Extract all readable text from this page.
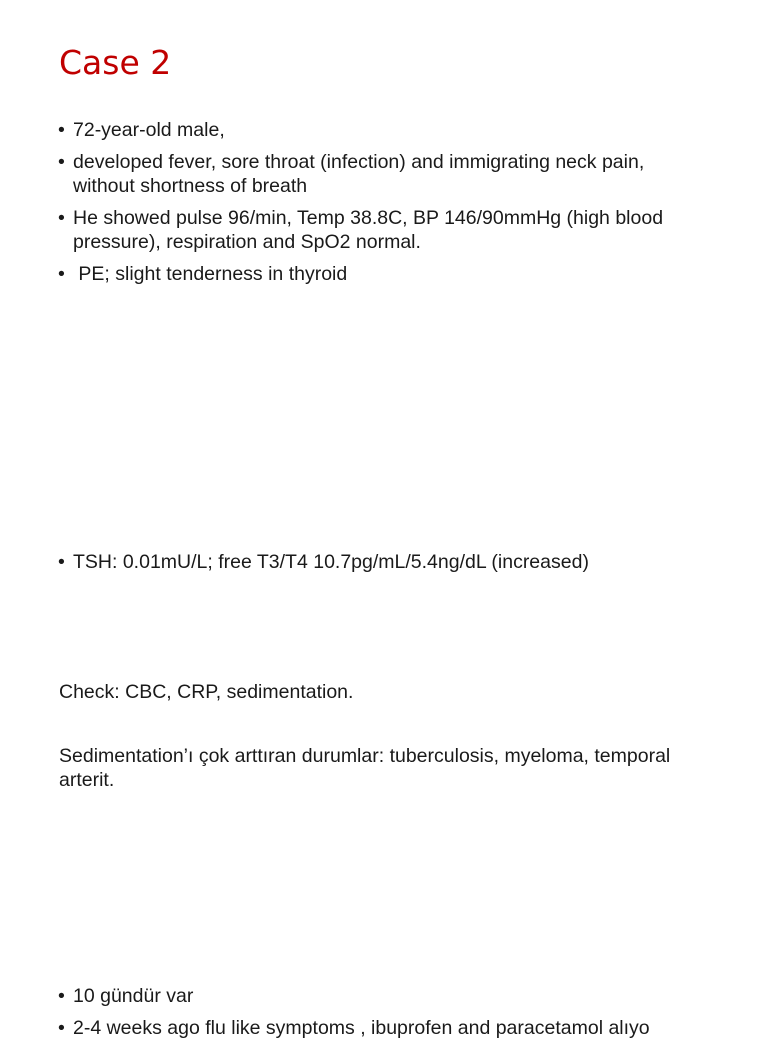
Case 2
• 72-year-old male,
• developed fever, sore throat (infection) and immigrating neck pain, without shortness of breath
• He showed pulse 96/min, Temp 38.8C, BP 146/90mmHg (high blood pressure), respiration and SpO2 normal.
• PE; slight tenderness in thyroid
• TSH: 0.01mU/L; free T3/T4 10.7pg/mL/5.4ng/dL (increased)

Check: CBC, CRP, sedimentation.

Sedimentation’ı çok arttıran durumlar: tuberculosis, myeloma, temporal arterit.

• 10 gündür var
• 2-4 weeks ago flu like symptoms , ibuprofen and paracetamol alıyo
